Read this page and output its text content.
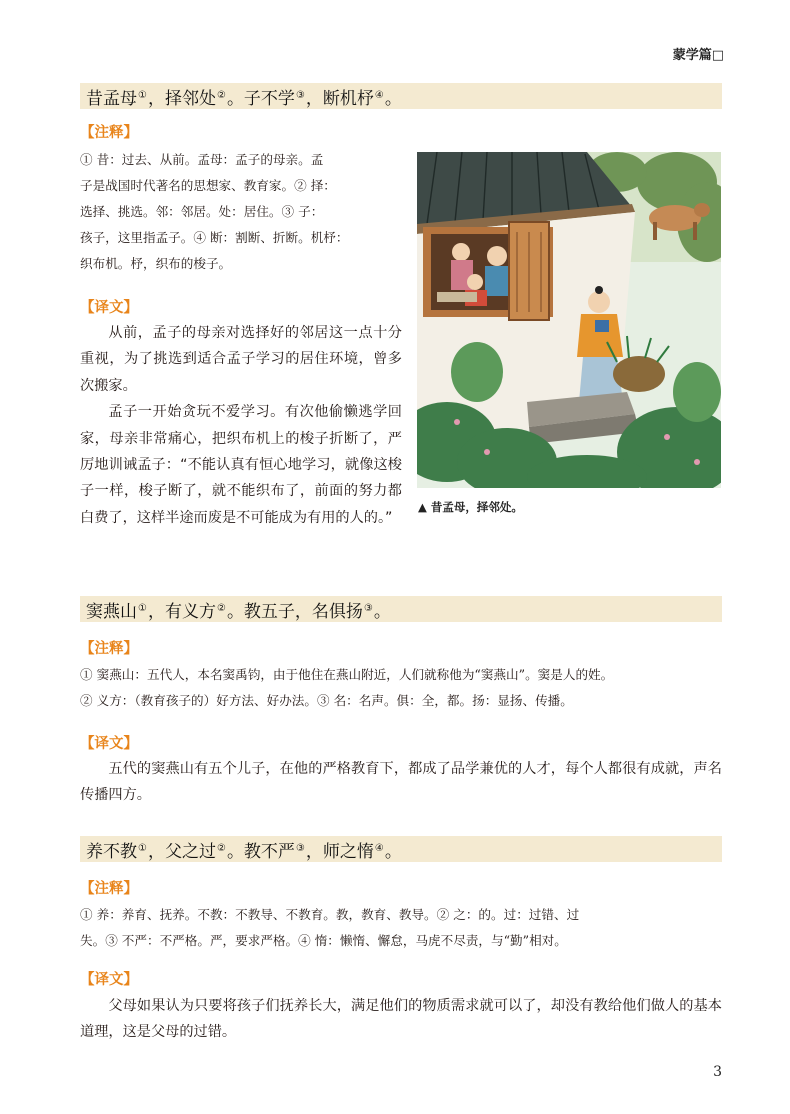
蒙学篇□
昔孟母①，择邻处②。子不学③，断机杼④。
【注释】
① 昔：过去、从前。孟母：孟子的母亲。孟
子是战国时代著名的思想家、教育家。② 择：
选择、挑选。邻：邻居。处：居住。③ 子：
孩子，这里指孟子。④ 断：割断、折断。机杼：
织布机。杼，织布的梭子。
【译文】

从前，孟子的母亲对选择好的邻居这一点十分重视，为了挑选到适合孟子学习的居住环境，曾多次搬家。

孟子一开始贪玩不爱学习。有次他偷懒逃学回家，母亲非常痛心，把织布机上的梭子折断了，严厉地训诫孟子：“不能认真有恒心地学习，就像这梭子一样，梭子断了，就不能织布了，前面的努力都白费了，这样半途而废是不可能成为有用的人的。”

▲ 昔孟母，择邻处。
窦燕山①，有义方②。教五子，名俱扬③。
【注释】
① 窦燕山：五代人，本名窦禹钧，由于他住在燕山附近，人们就称他为“窦燕山”。窦是人的姓。
② 义方：（教育孩子的）好方法、好办法。③ 名：名声。俱：全，都。扬：显扬、传播。
【译文】

五代的窦燕山有五个儿子，在他的严格教育下，都成了品学兼优的人才，每个人都很有成就，声名传播四方。

养不教①，父之过②。教不严③，师之惰④。
【注释】
① 养：养育、抚养。不教：不教导、不教育。教，教育、教导。② 之：的。过：过错、过
失。③ 不严：不严格。严，要求严格。④ 惰：懒惰、懈怠，马虎不尽责，与“勤”相对。
【译文】

父母如果认为只要将孩子们抚养长大，满足他们的物质需求就可以了，却没有教给他们做人的基本道理，这是父母的过错。

3
